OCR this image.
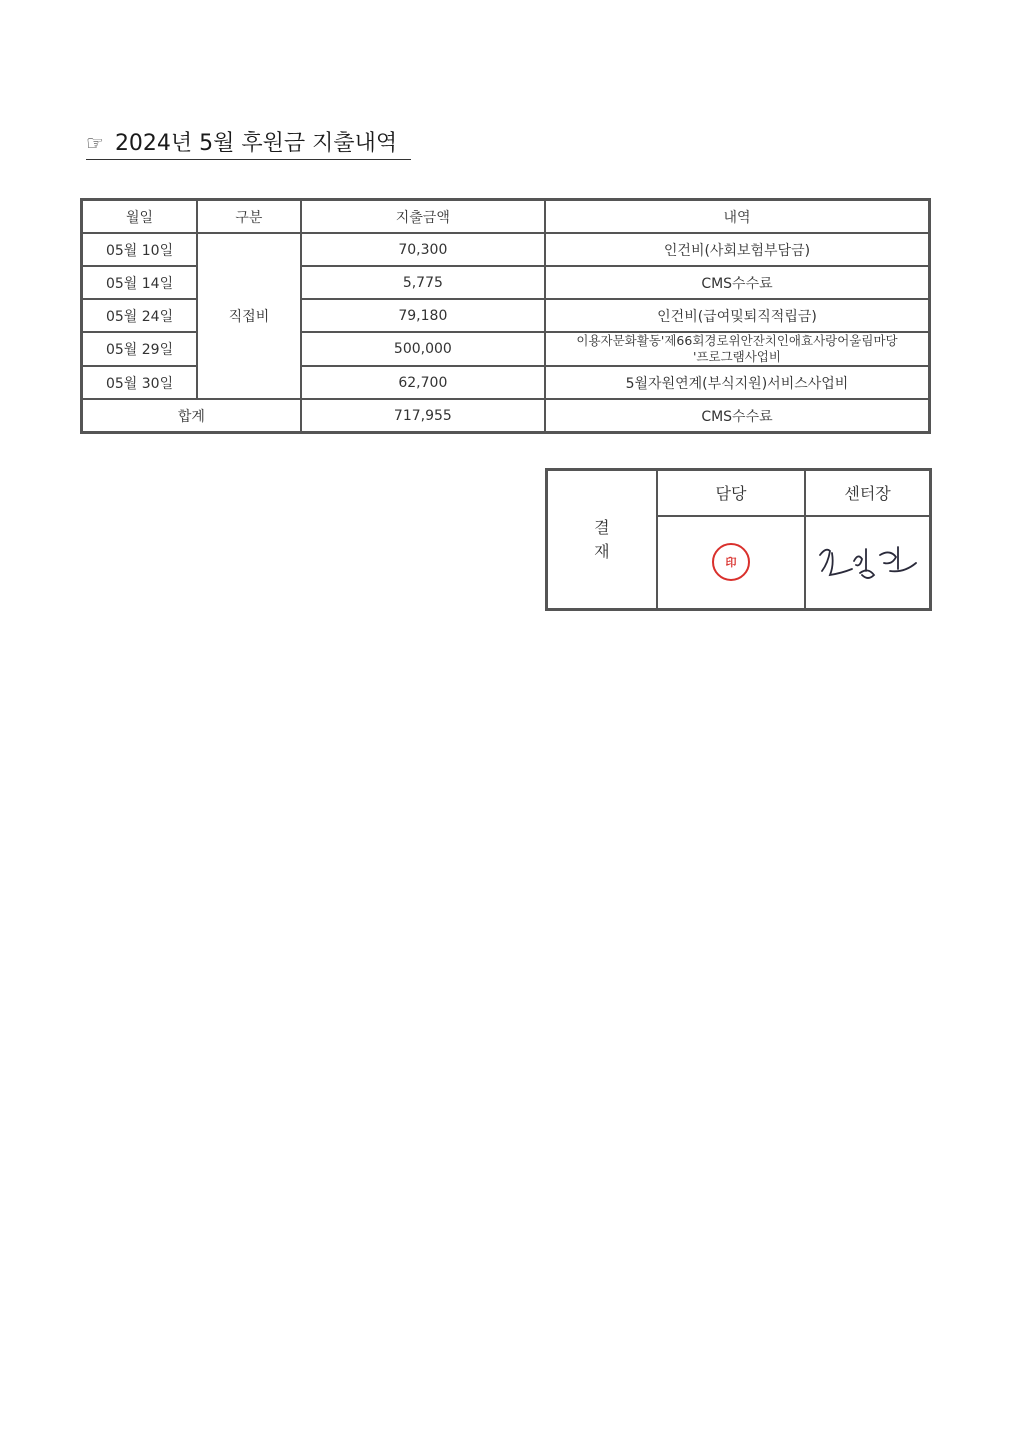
☞ 2024년 5월 후원금 지출내역
월일	구분	지출금액	내역
05월 10일	직접비	70,300	인건비(사회보험부담금)
05월 14일		5,775	CMS수수료
05월 24일		79,180	인건비(급여및퇴직적립금)
05월 29일		500,000	이용자문화활동'제66회경로위안잔치인애효사랑어울림마당
'프로그램사업비

05월 30일		62,700	5월자원연계(부식지원)서비스사업비
합계		717,955	CMS수수료
결
재	담당	센터장
	印	
